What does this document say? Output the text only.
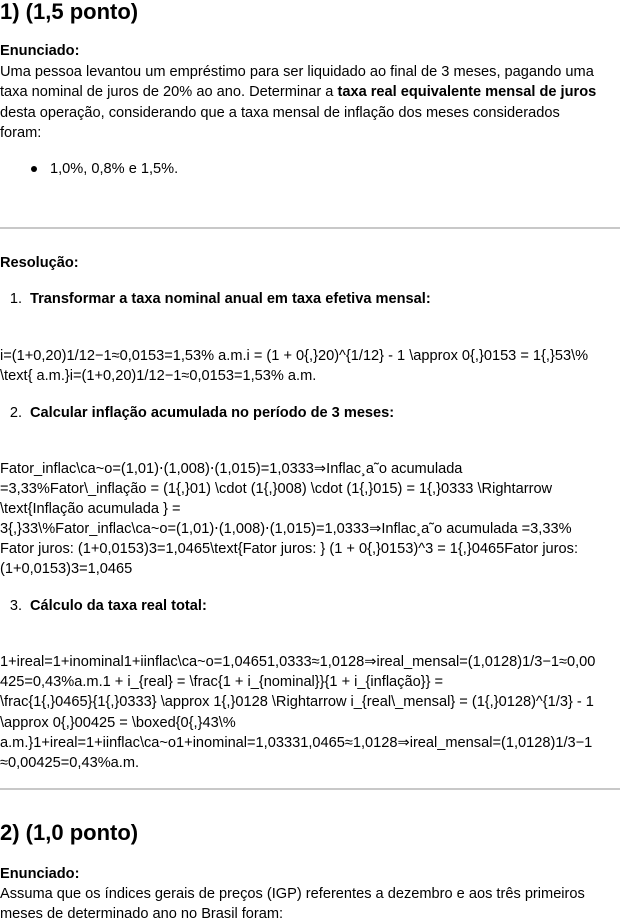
1) (1,5 ponto)
Enunciado:
Uma pessoa levantou um empréstimo para ser liquidado ao final de 3 meses, pagando uma
taxa nominal de juros de 20% ao ano. Determinar a taxa real equivalente mensal de juros
desta operação, considerando que a taxa mensal de inflação dos meses considerados
foram:
1,0%, 0,8% e 1,5%.
Resolução:
1. Transformar a taxa nominal anual em taxa efetiva mensal:
i=(1+0,20)1/12−1≈0,0153=1,53% a.m.i = (1 + 0{,}20)^{1/12} - 1 \approx 0{,}0153 = 1{,}53\%
\text{ a.m.}i=(1+0,20)1/12−1≈0,0153=1,53% a.m.
2. Calcular inflação acumulada no período de 3 meses:
Fator_inflac\ca~o=(1,01)⋅(1,008)⋅(1,015)=1,0333⇒Inflac¸a˜o acumulada
=3,33%Fator\_inflação = (1{,}01) \cdot (1{,}008) \cdot (1{,}015) = 1{,}0333 \Rightarrow
\text{Inflação acumulada } =
3{,}33\%Fator_inflac\ca~o=(1,01)⋅(1,008)⋅(1,015)=1,0333⇒Inflac¸a˜o acumulada =3,33%
Fator juros: (1+0,0153)3=1,0465\text{Fator juros: } (1 + 0{,}0153)^3 = 1{,}0465Fator juros:
(1+0,0153)3=1,0465
3. Cálculo da taxa real total:
1+ireal=1+inominal1+iinflac\ca~o=1,04651,0333≈1,0128⇒ireal_mensal=(1,0128)1/3−1≈0,00
425=0,43%a.m.1 + i_{real} = \frac{1 + i_{nominal}}{1 + i_{inflação}} =
\frac{1{,}0465}{1{,}0333} \approx 1{,}0128 \Rightarrow i_{real\_mensal} = (1{,}0128)^{1/3} - 1
\approx 0{,}00425 = \boxed{0{,}43\%
a.m.}1+ireal=1+iinflac\ca~o1+inominal=1,03331,0465≈1,0128⇒ireal_mensal=(1,0128)1/3−1
≈0,00425=0,43%a.m.
2) (1,0 ponto)
Enunciado:
Assuma que os índices gerais de preços (IGP) referentes a dezembro e aos três primeiros
meses de determinado ano no Brasil foram:
